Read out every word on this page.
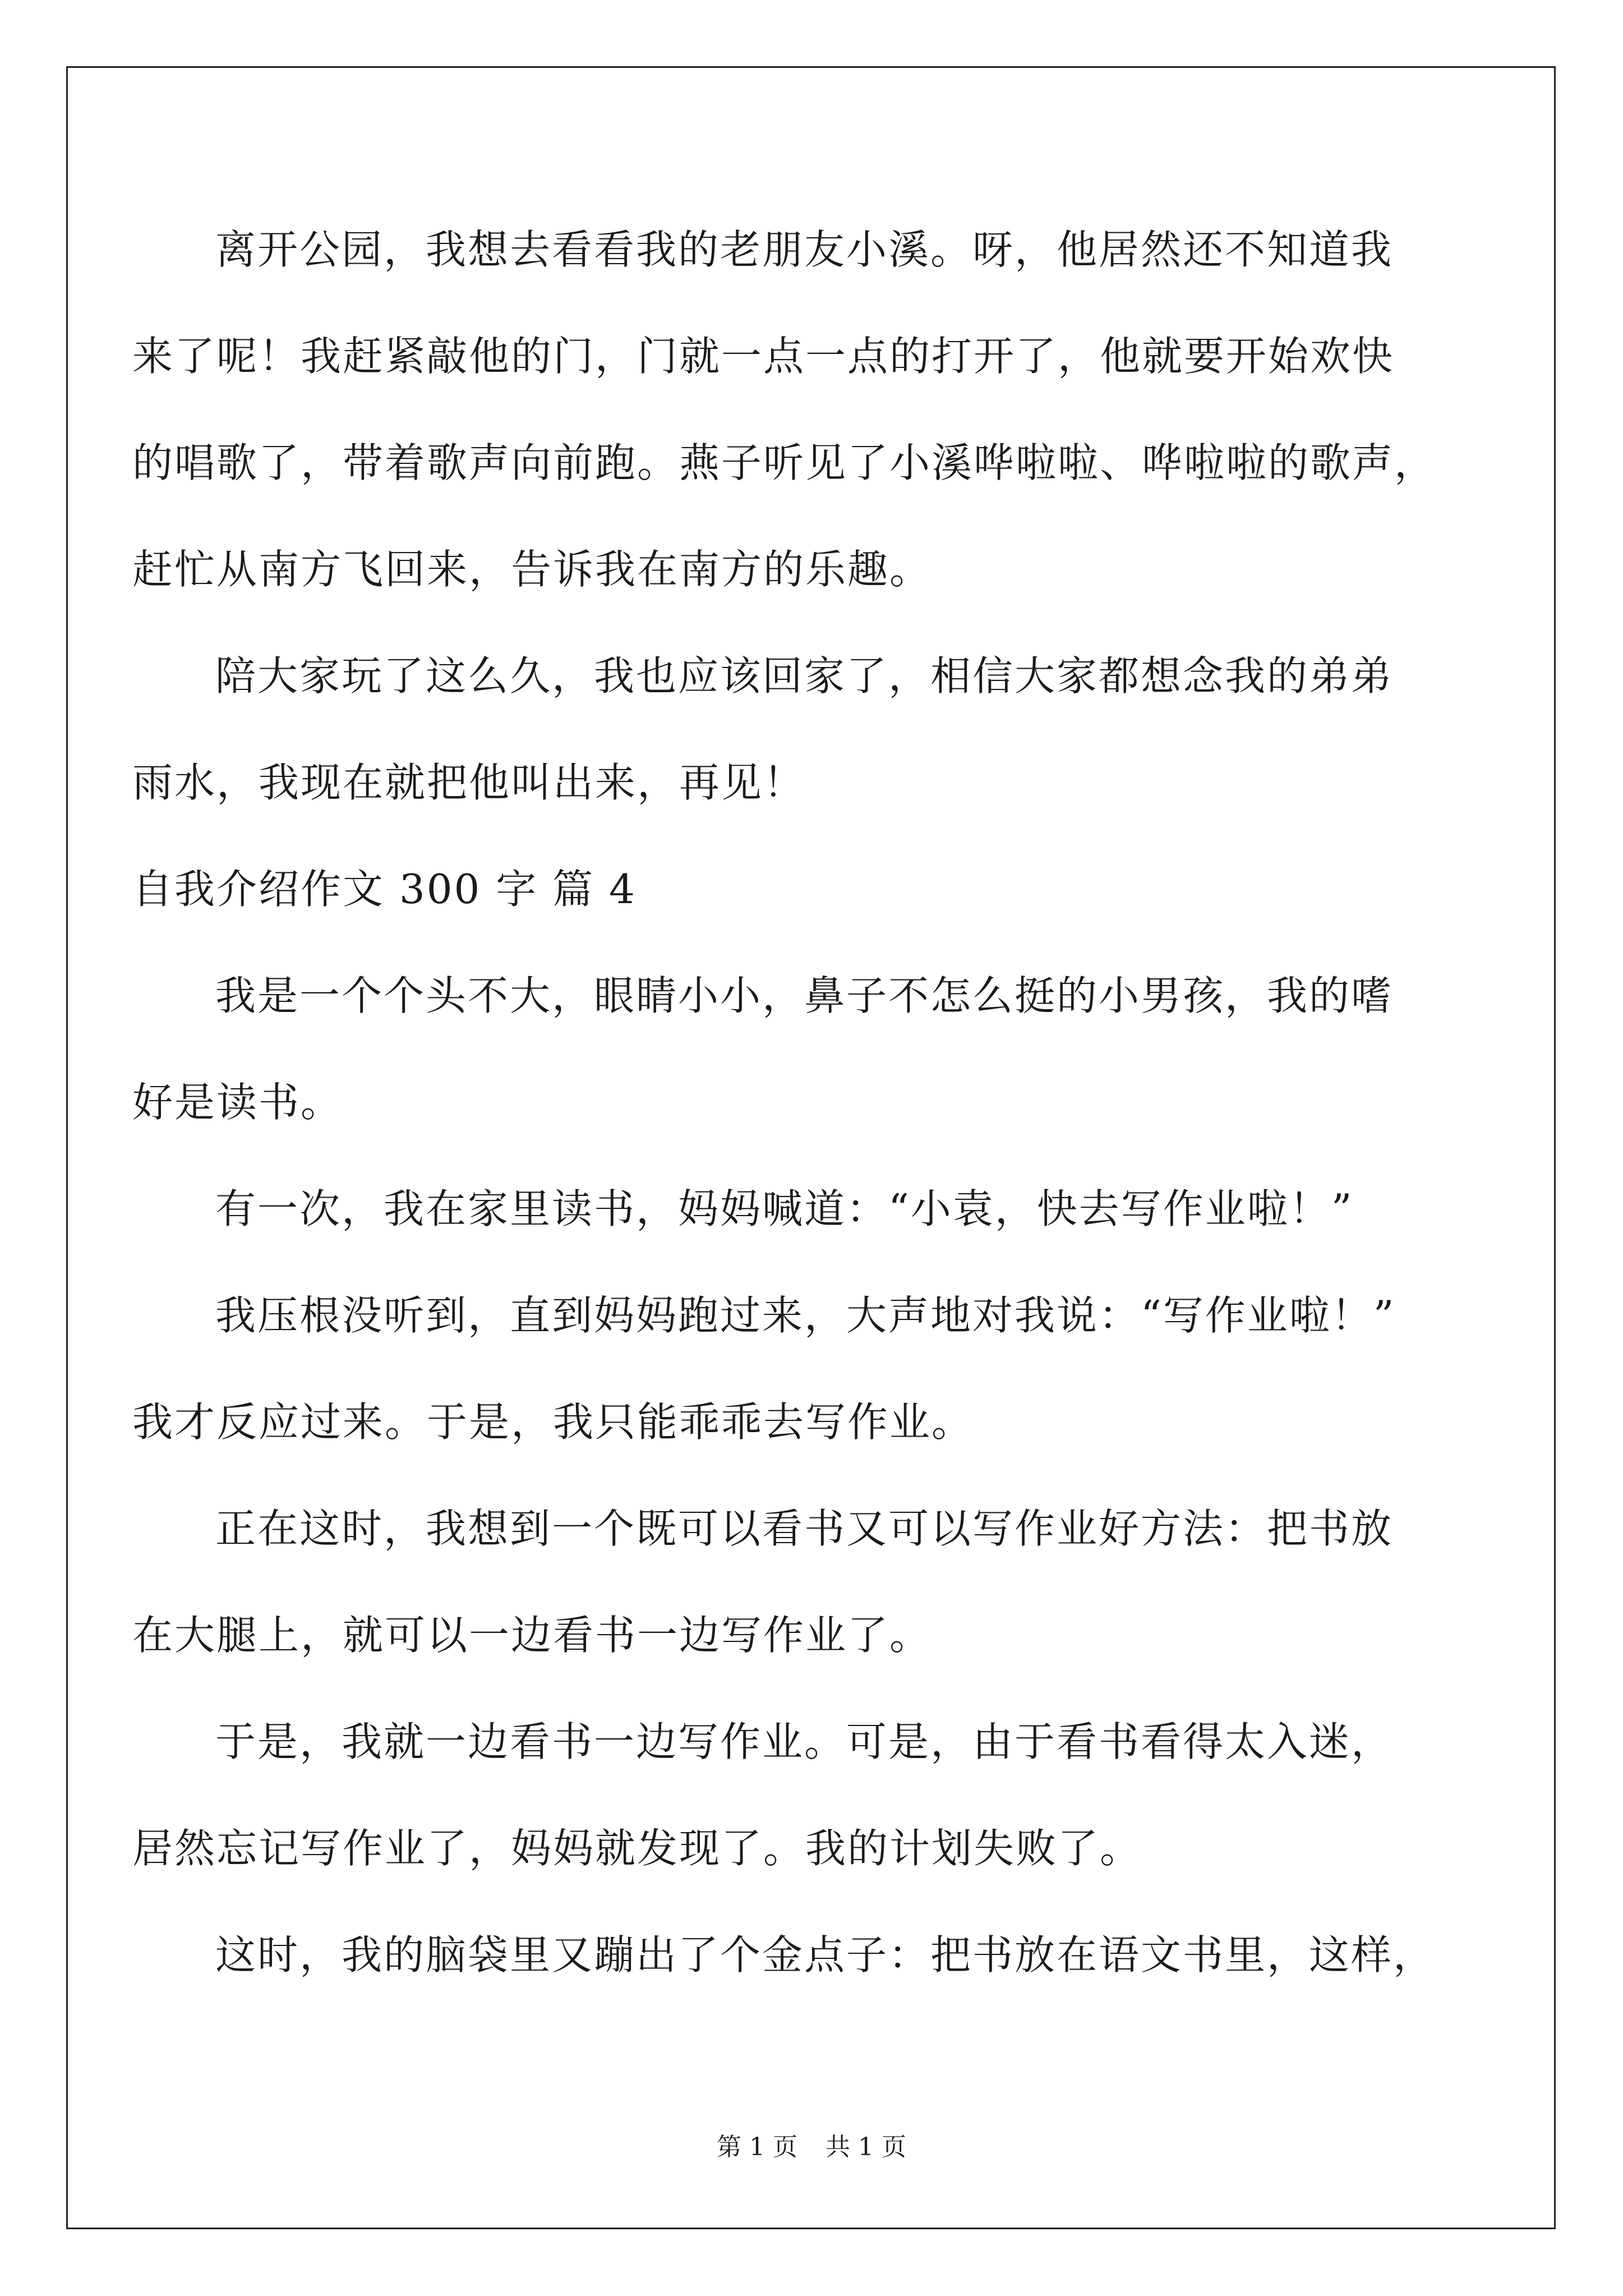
离开公园，我想去看看我的老朋友小溪。呀，他居然还不知道我
来了呢！我赶紧敲他的门，门就一点一点的打开了，他就要开始欢快
的唱歌了，带着歌声向前跑。燕子听见了小溪哗啦啦、哗啦啦的歌声，
赶忙从南方飞回来，告诉我在南方的乐趣。
陪大家玩了这么久，我也应该回家了，相信大家都想念我的弟弟
雨水，我现在就把他叫出来，再见！
自我介绍作文 300 字 篇 4
我是一个个头不大，眼睛小小，鼻子不怎么挺的小男孩，我的嗜
好是读书。
有一次，我在家里读书，妈妈喊道：“小袁，快去写作业啦！”
我压根没听到，直到妈妈跑过来，大声地对我说：“写作业啦！”
我才反应过来。于是，我只能乖乖去写作业。
正在这时，我想到一个既可以看书又可以写作业好方法：把书放
在大腿上，就可以一边看书一边写作业了。
于是，我就一边看书一边写作业。可是，由于看书看得太入迷，
居然忘记写作业了，妈妈就发现了。我的计划失败了。
这时，我的脑袋里又蹦出了个金点子：把书放在语文书里，这样，
第 1 页 共 1 页
